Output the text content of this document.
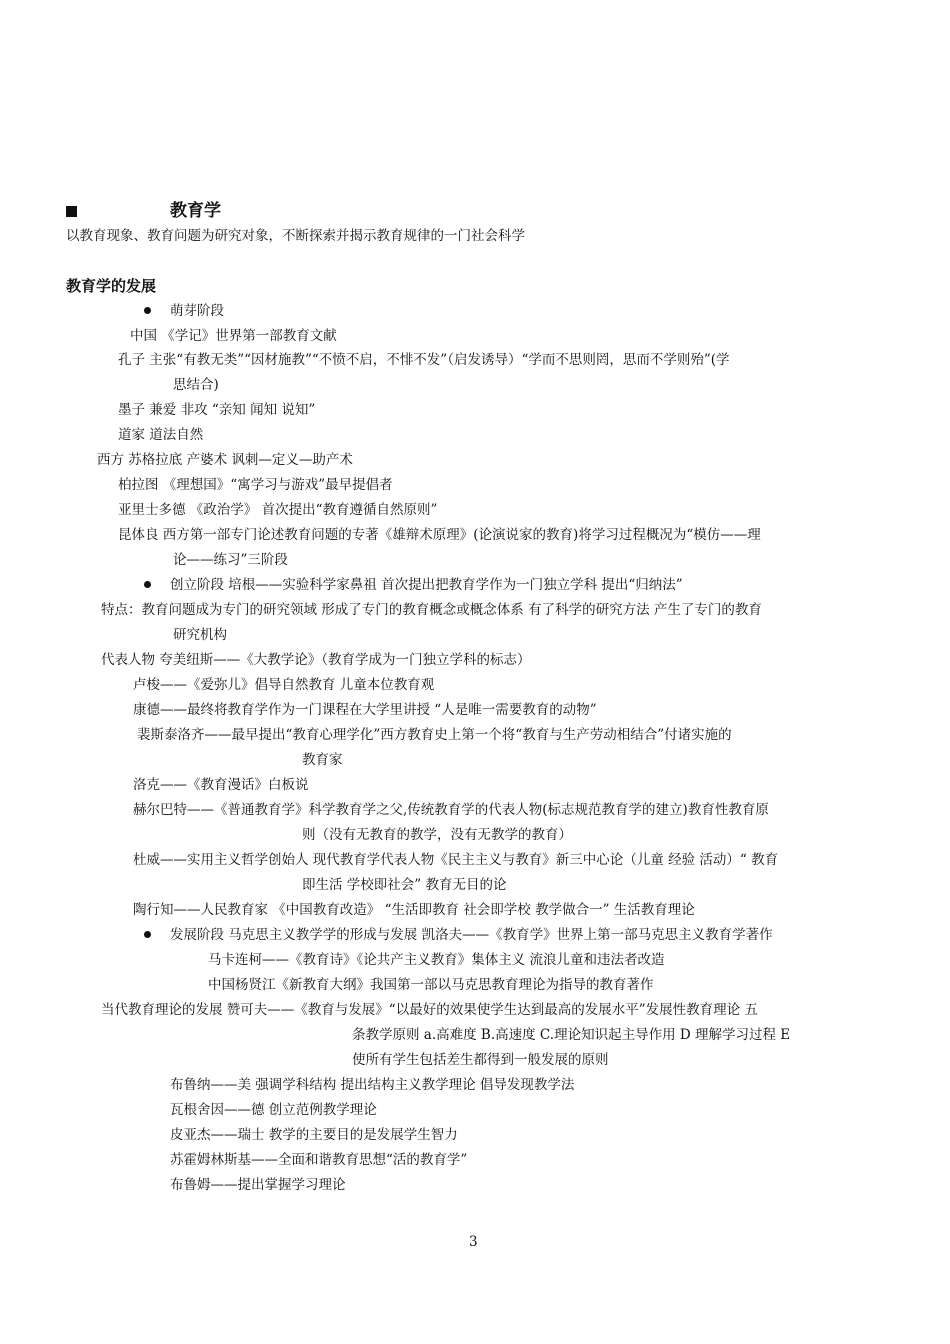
教育学
以教育现象、教育问题为研究对象，不断探索并揭示教育规律的一门社会科学
教育学的发展
萌芽阶段
中国 《学记》世界第一部教育文献
孔子 主张“有教无类”“因材施教”“不愤不启，不悱不发”（启发诱导）“学而不思则罔，思而不学则殆”(学
思结合)
墨子 兼爱 非攻 “亲知 闻知 说知”
道家 道法自然
西方 苏格拉底 产婆术 讽刺—定义—助产术
柏拉图 《理想国》“寓学习与游戏”最早提倡者
亚里士多德 《政治学》 首次提出“教育遵循自然原则”
昆体良 西方第一部专门论述教育问题的专著《雄辩术原理》(论演说家的教育)将学习过程概况为“模仿——理
论——练习”三阶段
创立阶段 培根——实验科学家鼻祖 首次提出把教育学作为一门独立学科 提出“归纳法”
特点：教育问题成为专门的研究领域 形成了专门的教育概念或概念体系 有了科学的研究方法 产生了专门的教育
研究机构
代表人物 夸美纽斯——《大教学论》（教育学成为一门独立学科的标志）
卢梭——《爱弥儿》倡导自然教育 儿童本位教育观
康德——最终将教育学作为一门课程在大学里讲授 “人是唯一需要教育的动物”
裴斯泰洛齐——最早提出“教育心理学化”西方教育史上第一个将“教育与生产劳动相结合”付诸实施的
教育家
洛克——《教育漫话》白板说
赫尔巴特——《普通教育学》科学教育学之父,传统教育学的代表人物(标志规范教育学的建立)教育性教育原
则（没有无教育的教学，没有无教学的教育）
杜威——实用主义哲学创始人 现代教育学代表人物《民主主义与教育》新三中心论（儿童 经验 活动）“ 教育
即生活 学校即社会” 教育无目的论
陶行知——人民教育家 《中国教育改造》 “生活即教育 社会即学校 教学做合一” 生活教育理论
发展阶段 马克思主义教学学的形成与发展 凯洛夫——《教育学》世界上第一部马克思主义教育学著作
马卡连柯——《教育诗》《论共产主义教育》集体主义 流浪儿童和违法者改造
中国杨贤江《新教育大纲》我国第一部以马克思教育理论为指导的教育著作
当代教育理论的发展 赞可夫——《教育与发展》“以最好的效果使学生达到最高的发展水平”发展性教育理论 五
条教学原则 a.高难度 B.高速度 C.理论知识起主导作用 D 理解学习过程 E
使所有学生包括差生都得到一般发展的原则
布鲁纳——美 强调学科结构 提出结构主义教学理论 倡导发现教学法
瓦根舍因——德 创立范例教学理论
皮亚杰——瑞士 教学的主要目的是发展学生智力
苏霍姆林斯基——全面和谐教育思想“活的教育学”
布鲁姆——提出掌握学习理论
3
